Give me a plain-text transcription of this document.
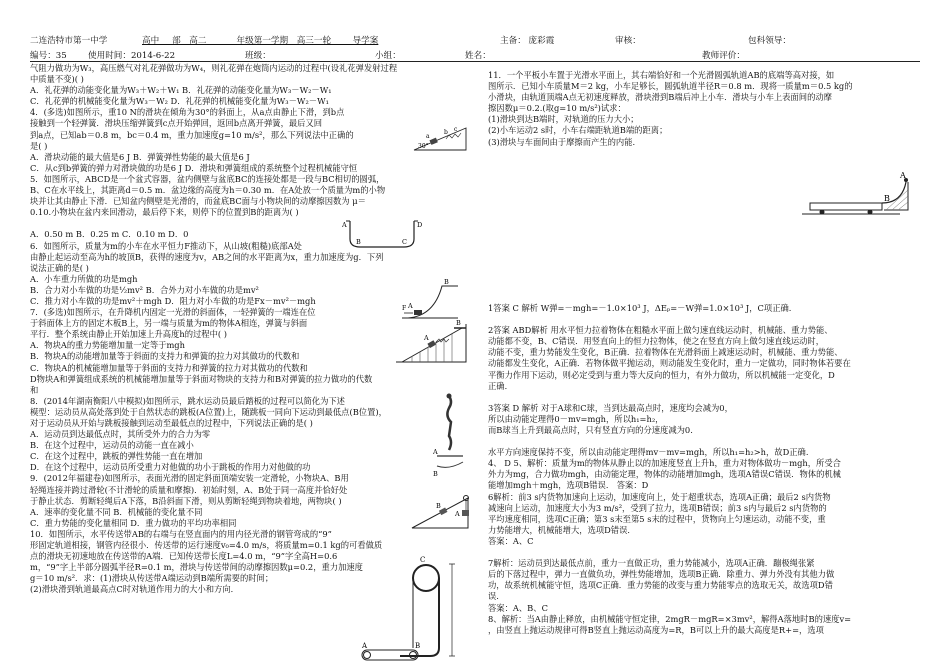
二连浩特市第一中学	高中___部__高二_______年级第一学期__高三一轮_____导学案	主备： 庞彩霞	审核：	包科领导：
编号：35 使用时间：2014-6-22	班级：	小组：	姓名：	教师评价：

气阻力做功为W₃，高压燃气对礼花弹做功为W₄，则礼花弹在炮筒内运动的过程中(设礼花弹发射过程

中质量不变)( )

A．礼花弹的动能变化量为W₃＋W₂＋W₁ B．礼花弹的动能变化量为W₃－W₂－W₁

C．礼花弹的机械能变化量为W₃－W₂ D．礼花弹的机械能变化量为W₃－W₂－W₁

4．(多选)如图所示，重10 N的滑块在倾角为30°的斜面上，从a点由静止下滑，到b点

接触到一个轻弹簧．滑块压缩弹簧到c点开始弹回，返回b点离开弹簧，最后又回

到a点，已知ab＝0.8 m，bc＝0.4 m，重力加速度g=10 m/s²，那么下列说法中正确的

是( )

A．滑块动能的最大值是6 J B．弹簧弹性势能的最大值是6 J

C．从c到b弹簧的弹力对滑块做的功是6 J D．滑块和弹簧组成的系统整个过程机械能守恒

5．如图所示，ABCD是一个盆式容器，盆内侧壁与盆底BC的连接处都是一段与BC相切的圆弧，

B、C在水平线上，其距离d＝0.5 m．盆边缘的高度为h＝0.30 m．在A处放一个质量为m的小物

块并让其由静止下滑．已知盆内侧壁是光滑的，而盆底BC面与小物块间的动摩擦因数为 μ＝

0.10.小物块在盆内来回滑动，最后停下来，则停下的位置到B的距离为( )

A．0.50 m B．0.25 m C．0.10 m D．0

6．如图所示，质量为m的小车在水平恒力F推动下，从山坡(粗糙)底部A处

由静止起运动至高为h的坡顶B，获得的速度为v，AB之间的水平距离为x，重力加速度为g．下列

说法正确的是( )

A．小车重力所做的功是mgh

B．合力对小车做的功是½mv² B．合外力对小车做的功是mv²

C．推力对小车做的功是mv²＋mgh D．阻力对小车做的功是Fx－mv²－mgh

7．(多选)如图所示，在升降机内固定一光滑的斜面体，一轻弹簧的一端连在位

于斜面体上方的固定木板B上，另一端与质量为m的物体A相连，弹簧与斜面

平行．整个系统由静止开始加速上升高度h的过程中( )

A．物块A的重力势能增加量一定等于mgh

B．物块A的动能增加量等于斜面的支持力和弹簧的拉力对其做功的代数和

C．物块A的机械能增加量等于斜面的支持力和弹簧的拉力对其做功的代数和

D物块A和弹簧组成系统的机械能增加量等于斜面对物块的支持力和B对弹簧的拉力做功的代数

和

8．(2014年湖南衡阳八中模拟)如图所示，跳水运动员最后踏板的过程可以简化为下述

模型：运动员从高处落到处于自然状态的跳板(A位置)上，随跳板一同向下运动到最低点(B位置)，

对于运动员从开始与跳板接触到运动至最低点的过程中，下列说法正确的是( )

A．运动员到达最低点时，其所受外力的合力为零

B．在这个过程中，运动员的动能一直在减小

C．在这个过程中，跳板的弹性势能一直在增加

D．在这个过程中，运动员所受重力对他做的功小于跳板的作用力对他做的功

9．(2012年福建卷)如图所示，表面光滑的固定斜面顶端安装一定滑轮，小物块A、B用

轻绳连接并跨过滑轮(不计滑轮的质量和摩擦)．初始时刻，A、B处于同一高度并恰好处

于静止状态．剪断轻绳后A下落，B沿斜面下滑，则从剪断轻绳到物块着地，两物块( )

A．速率的变化量不同 B．机械能的变化量不同

C．重力势能的变化量相同 D．重力做功的平均功率相同

10．如图所示，水平传送带AB的右端与在竖直面内的用内径光滑的钢管弯成的“9”

形固定轨道相接，钢管内径很小．传送带的运行速度v₀=4.0 m/s，将质量m=0.1 kg的可看做质

点的滑块无初速地放在传送带的A端．已知传送带长度L=4.0 m，“9”字全高H=0.6

m，“9”字上半部分圆弧半径R=0.1 m，滑块与传送带间的动摩擦因数μ=0.2，重力加速度

g＝10 m/s²．求：(1)滑块从传送带A端运动到B端所需要的时间；

(2)滑块滑到轨道最高点C时对轨道作用力的大小和方向．

11．一个平板小车置于光滑水平面上，其右端恰好和一个光滑圆弧轨道AB的底端等高对接，如

图所示．已知小车质量M＝2 kg，小车足够长，圆弧轨道半径R＝0.8 m．现将一质量m＝0.5 kg的

小滑块，由轨道顶端A点无初速度释放，滑块滑到B端后冲上小车．滑块与小车上表面间的动摩

擦因数μ＝0.2.(取g=10 m/s²)试求：

(1)滑块到达B端时，对轨道的压力大小；

(2)小车运动2 s时，小车右端距轨道B端的距离；

(3)滑块与车面间由于摩擦而产生的内能.

1答案 C 解析 W弹=－mgh=－1.0×10³ J，ΔEₚ=－W弹=1.0×10³ J，C项正确.

2答案 ABD解析 用水平恒力拉着物体在粗糙水平面上做匀速直线运动时，机械能、重力势能、

动能都不变，B、C错误．用竖直向上的恒力拉物体，使之在竖直方向上做匀速直线运动时，

动能不变，重力势能发生变化，B正确．拉着物体在光滑斜面上减速运动时，机械能、重力势能、

动能都发生变化，A正确．若物体做平抛运动，则动能发生变化时，重力一定做功，同时物体若要在

平衡力作用下运动，则必定受到与重力等大反向的恒力，有外力做功，所以机械能一定变化，D

正确．

3答案 D 解析 对于A球和C球，当到达最高点时，速度均会减为0，

所以由动能定理得0－mv=mgh，所以h₁=h₂，

而B球当上升到最高点时，只有竖直方向的分速度减为0.

水平方向速度保持不变，所以由动能定理得mv－mv=mgh，所以h₁=h₂>h，故D正确.

4、 D 5、解析：质量为m的物体从静止以的加速度竖直上升h，重力对物体做功－mgh，所受合

外力为mg，合力做功mgh，由动能定理，物体的动能增加mgh，选项A错误C错误．物体的机械

能增加mgh＋mgh，选项B错误． 答案：D

6解析：前3 s内货物加速向上运动，加速度向上，处于超重状态，选项A正确；最后2 s内货物

减速向上运动，加速度大小为3 m/s²，受到了拉力，选项B错误；前3 s内与最后2 s内货物的

平均速度相同，选项C正确；第3 s末至第5 s末的过程中，货物向上匀速运动，动能不变，重

力势能增大，机械能增大，选项D错误．

答案：A、C

7解析：运动员到达最低点前，重力一直做正功，重力势能减小，选项A正确．蹦极绳张紧

后的下落过程中，弹力一直做负功，弹性势能增加，选项B正确．除重力、弹力外没有其他力做

功，故系统机械能守恒，选项C正确．重力势能的改变与重力势能零点的选取无关，故选项D错

误.

答案：A、B、C

8、解析：当A由静止释放，由机械能守恒定律，2mgR－mgR=×3mv²，解得A落地时B的速度v=

，由竖直上抛运动规律可得B竖直上抛运动高度为=R，B可以上升的最大高度是R+=，选项

A
B
30°
a
b c
A	D
B	C
B
A
F
B
A
A
B
B
A
C
A	B
